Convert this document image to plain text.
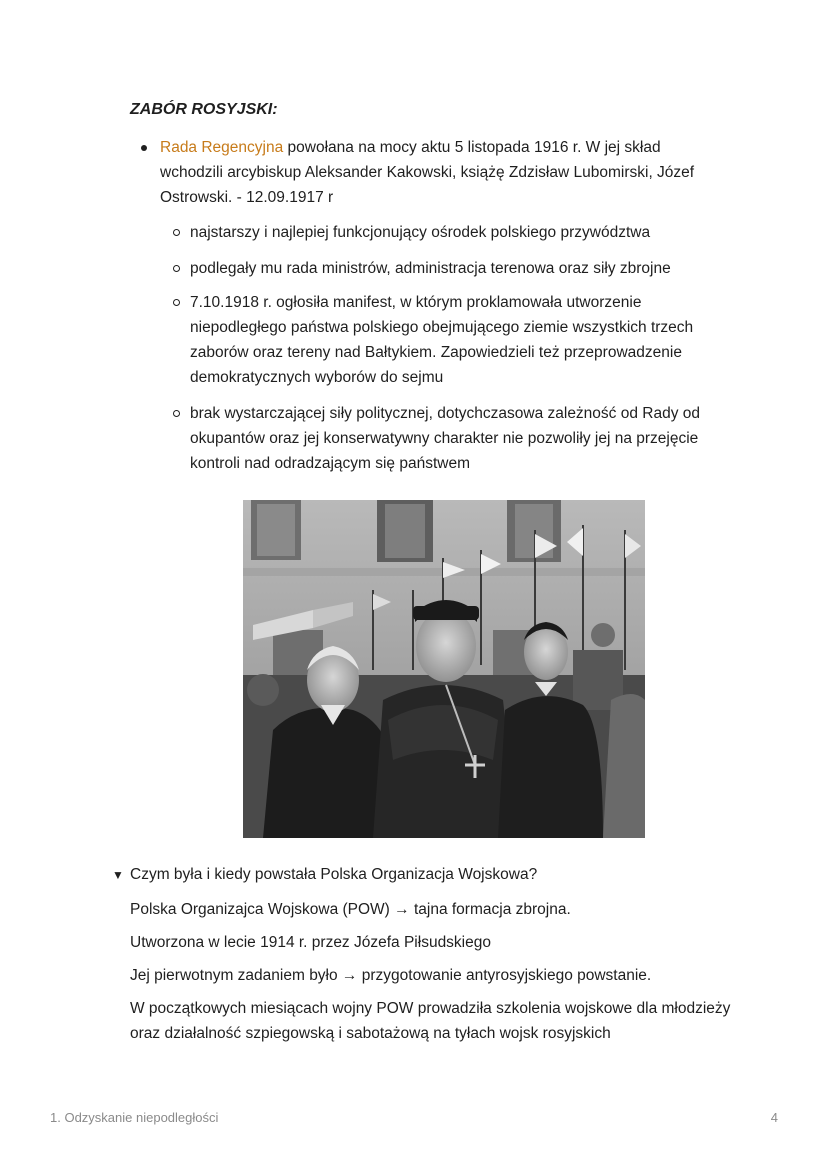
ZABÓR ROSYJSKI:

Rada Regencyjna powołana na mocy aktu 5 listopada 1916 r. W jej skład wchodzili arcybiskup Aleksander Kakowski, książę Zdzisław Lubomirski, Józef Ostrowski. - 12.09.1917 r

najstarszy i najlepiej funkcjonujący ośrodek polskiego przywództwa

podlegały mu rada ministrów, administracja terenowa oraz siły zbrojne

7.10.1918 r. ogłosiła manifest, w którym proklamowała utworzenie niepodległego państwa polskiego obejmującego ziemie wszystkich trzech zaborów oraz tereny nad Bałtykiem. Zapowiedzieli też przeprowadzenie demokratycznych wyborów do sejmu

brak wystarczającej siły politycznej, dotychczasowa zależność od Rady od okupantów oraz jej konserwatywny charakter nie pozwoliły jej na przejęcie kontroli nad odradzającym się państwem

▼ Czym była i kiedy powstała Polska Organizacja Wojskowa?

Polska Organizajca Wojskowa (POW) → tajna formacja zbrojna.

Utworzona w lecie 1914 r. przez Józefa Piłsudskiego

Jej pierwotnym zadaniem było → przygotowanie antyrosyjskiego powstanie.

W początkowych miesiącach wojny POW prowadziła szkolenia wojskowe dla młodzieży oraz działalność szpiegowską i sabotażową na tyłach wojsk rosyjskich

1. Odzyskanie niepodległości	4
